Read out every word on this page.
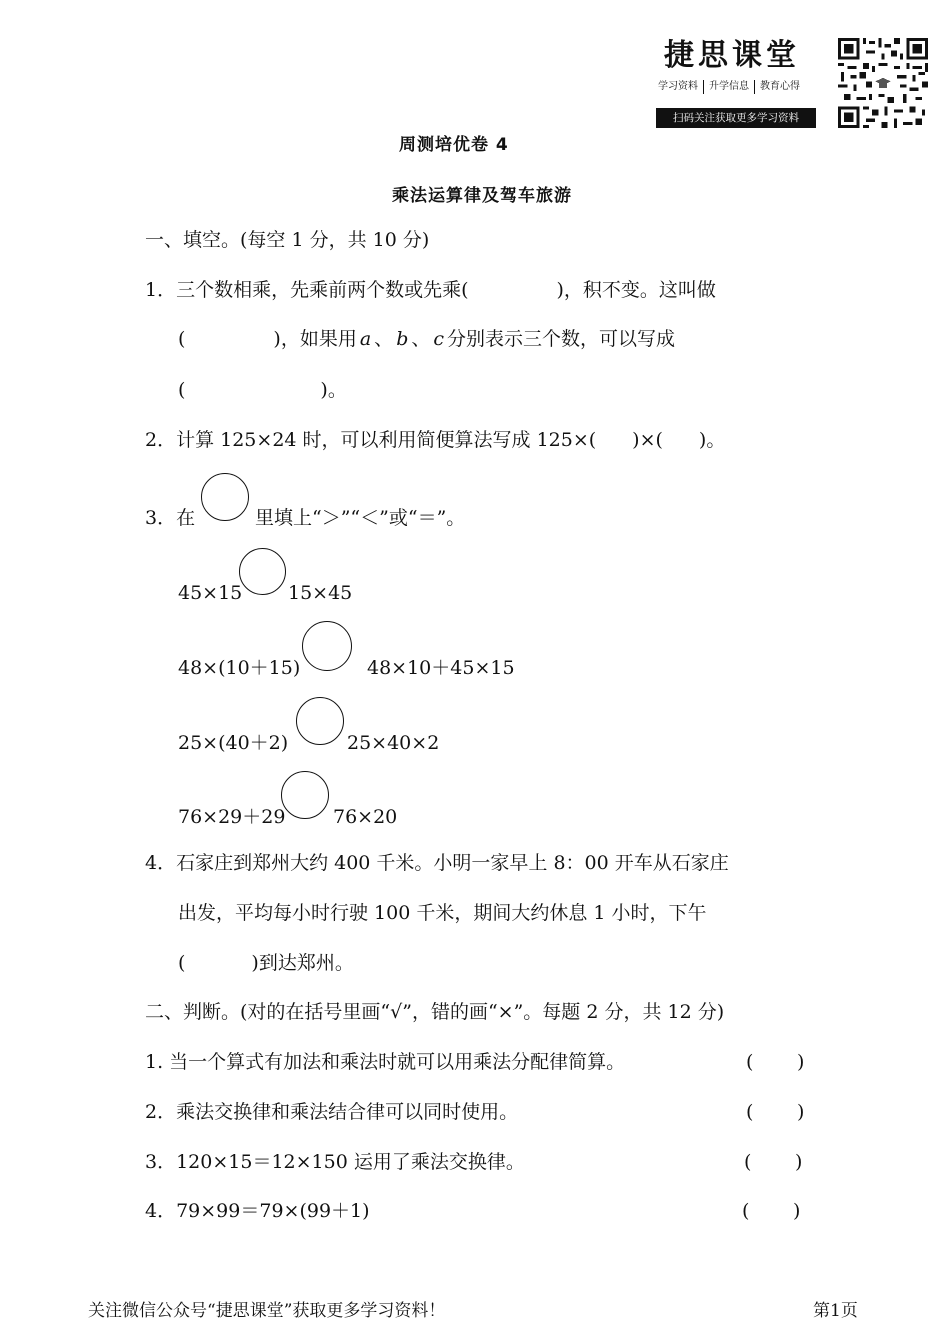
捷思课堂
学习资料	升学信息	教育心得
扫码关注获取更多学习资料
周测培优卷 4
乘法运算律及驾车旅游
一、填空。(每空 1 分，共 10 分)
1．三个数相乘，先乘前两个数或先乘(	)，积不变。这叫做
(	)，如果用 a 、 b 、 c 分别表示三个数，可以写成
(	)。
2．计算 125×24 时，可以利用简便算法写成 125×( )×( )。
3．在	里填上“＞”“＜”或“＝”。
45×15 15×45
48×(10＋15)	48×10＋45×15
25×(40＋2)	25×40×2
76×29＋29	76×20
4．石家庄到郑州大约 400 千米。小明一家早上 8：00 开车从石家庄
出发，平均每小时行驶 100 千米，期间大约休息 1 小时，下午
(	)到达郑州。
二、判断。(对的在括号里画“√”，错的画“×”。每题 2 分，共 12 分)
1. 当一个算式有加法和乘法时就可以用乘法分配律简算。	( )
2．乘法交换律和乘法结合律可以同时使用。	( )
3．120×15＝12×150 运用了乘法交换律。	( )
4．79×99＝79×(99＋1)	( )
关注微信公众号“捷思课堂”获取更多学习资料！	第1页
